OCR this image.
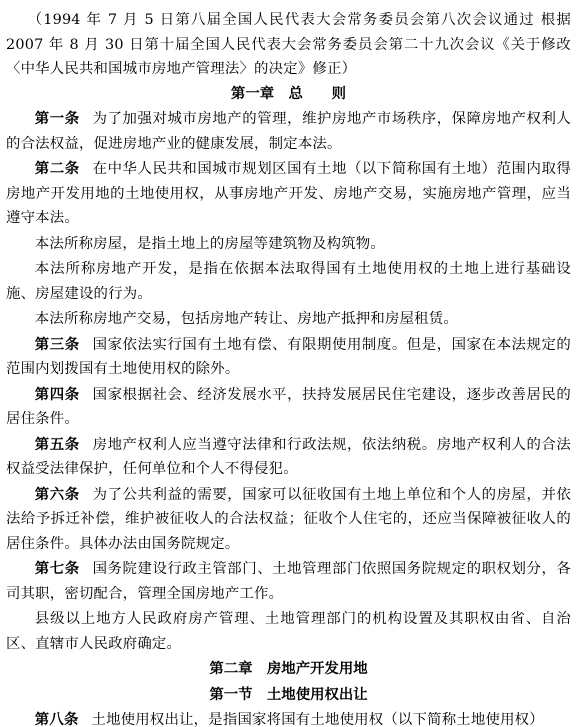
（1994 年 7 月 5 日第八届全国人民代表大会常务委员会第八次会议通过 根据 2007 年 8 月 30 日第十届全国人民代表大会常务委员会第二十九次会议《关于修改〈中华人民共和国城市房地产管理法〉的决定》修正）

第一章　总　　则

第一条 为了加强对城市房地产的管理，维护房地产市场秩序，保障房地产权利人的合法权益，促进房地产业的健康发展，制定本法。

第二条 在中华人民共和国城市规划区国有土地（以下简称国有土地）范围内取得房地产开发用地的土地使用权，从事房地产开发、房地产交易，实施房地产管理，应当遵守本法。

本法所称房屋，是指土地上的房屋等建筑物及构筑物。

本法所称房地产开发，是指在依据本法取得国有土地使用权的土地上进行基础设施、房屋建设的行为。

本法所称房地产交易，包括房地产转让、房地产抵押和房屋租赁。

第三条 国家依法实行国有土地有偿、有限期使用制度。但是，国家在本法规定的范围内划拨国有土地使用权的除外。

第四条 国家根据社会、经济发展水平，扶持发展居民住宅建设，逐步改善居民的居住条件。

第五条 房地产权利人应当遵守法律和行政法规，依法纳税。房地产权利人的合法权益受法律保护，任何单位和个人不得侵犯。

第六条 为了公共利益的需要，国家可以征收国有土地上单位和个人的房屋，并依法给予拆迁补偿，维护被征收人的合法权益；征收个人住宅的，还应当保障被征收人的居住条件。具体办法由国务院规定。

第七条 国务院建设行政主管部门、土地管理部门依照国务院规定的职权划分，各司其职，密切配合，管理全国房地产工作。

县级以上地方人民政府房产管理、土地管理部门的机构设置及其职权由省、自治区、直辖市人民政府确定。

第二章　房地产开发用地
第一节　土地使用权出让

第八条 土地使用权出让，是指国家将国有土地使用权（以下简称土地使用权）
